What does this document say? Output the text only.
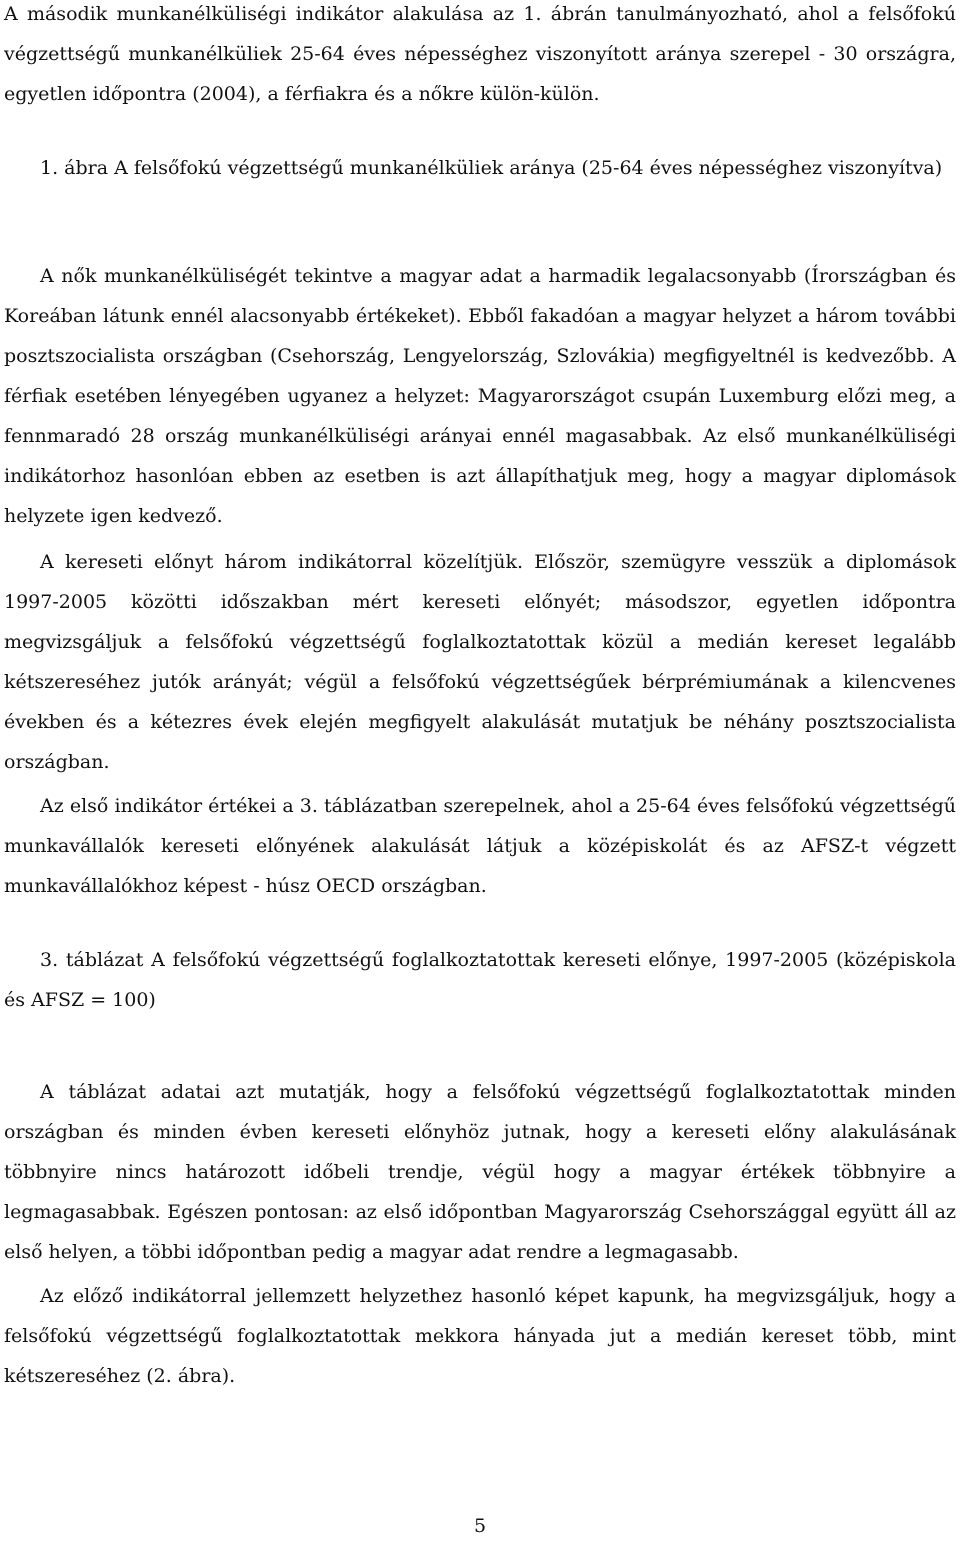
A második munkanélküliségi indikátor alakulása az 1. ábrán tanulmányozható, ahol a felsőfokú végzettségű munkanélküliek 25-64 éves népességhez viszonyított aránya szerepel - 30 országra, egyetlen időpontra (2004), a férfiakra és a nőkre külön-külön.

1. ábra A felsőfokú végzettségű munkanélküliek aránya (25-64 éves népességhez viszonyítva)

A nők munkanélküliségét tekintve a magyar adat a harmadik legalacsonyabb (Írországban és Koreában látunk ennél alacsonyabb értékeket). Ebből fakadóan a magyar helyzet a három további posztszocialista országban (Csehország, Lengyelország, Szlovákia) megfigyeltnél is kedvezőbb. A férfiak esetében lényegében ugyanez a helyzet: Magyarországot csupán Luxemburg előzi meg, a fennmaradó 28 ország munkanélküliségi arányai ennél magasabbak. Az első munkanélküliségi indikátorhoz hasonlóan ebben az esetben is azt állapíthatjuk meg, hogy a magyar diplomások helyzete igen kedvező.

A kereseti előnyt három indikátorral közelítjük. Először, szemügyre vesszük a diplomások 1997-2005 közötti időszakban mért kereseti előnyét; másodszor, egyetlen időpontra megvizsgáljuk a felsőfokú végzettségű foglalkoztatottak közül a medián kereset legalább kétszereséhez jutók arányát; végül a felsőfokú végzettségűek bérprémiumának a kilencvenes években és a kétezres évek elején megfigyelt alakulását mutatjuk be néhány posztszocialista országban.

Az első indikátor értékei a 3. táblázatban szerepelnek, ahol a 25-64 éves felsőfokú végzettségű munkavállalók kereseti előnyének alakulását látjuk a középiskolát és az AFSZ-t végzett munkavállalókhoz képest - húsz OECD országban.

3. táblázat A felsőfokú végzettségű foglalkoztatottak kereseti előnye, 1997-2005 (középiskola és AFSZ = 100)

A táblázat adatai azt mutatják, hogy a felsőfokú végzettségű foglalkoztatottak minden országban és minden évben kereseti előnyhöz jutnak, hogy a kereseti előny alakulásának többnyire nincs határozott időbeli trendje, végül hogy a magyar értékek többnyire a legmagasabbak. Egészen pontosan: az első időpontban Magyarország Csehországgal együtt áll az első helyen, a többi időpontban pedig a magyar adat rendre a legmagasabb.

Az előző indikátorral jellemzett helyzethez hasonló képet kapunk, ha megvizsgáljuk, hogy a felsőfokú végzettségű foglalkoztatottak mekkora hányada jut a medián kereset több, mint kétszereséhez (2. ábra).

5
